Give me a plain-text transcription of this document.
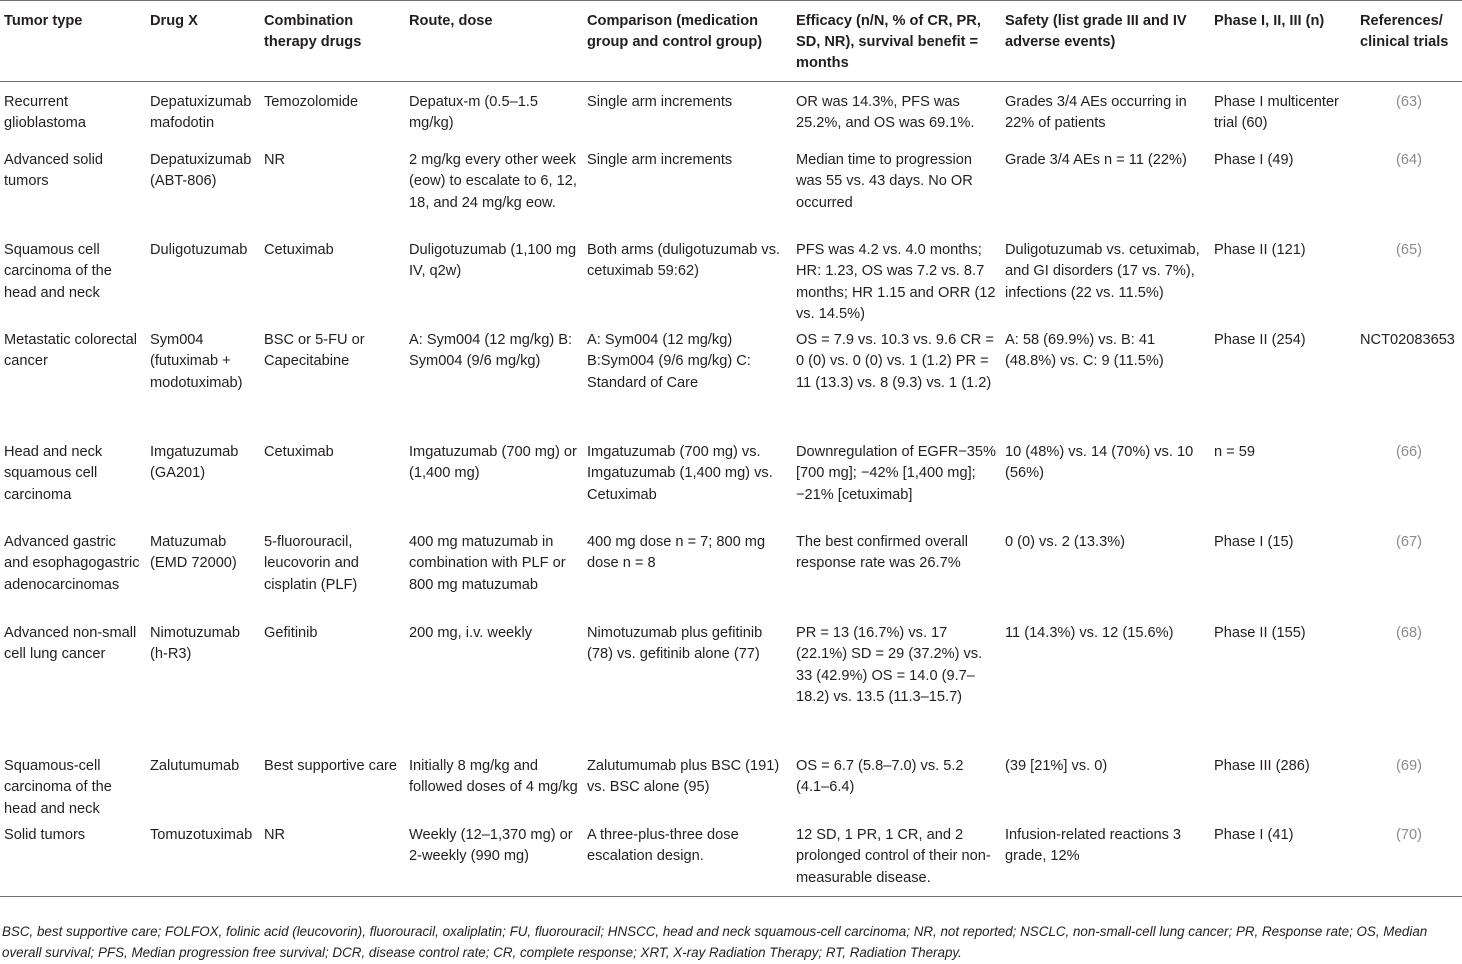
Tumor type	Drug X	Combination therapy drugs	Route, dose	Comparison (medication group and control group)	Efficacy (n/N, % of CR, PR, SD, NR), survival benefit = months	Safety (list grade III and IV adverse events)	Phase I, II, III (n)	References/ clinical trials
Recurrent glioblastoma	Depatuxizumab mafodotin	Temozolomide	Depatux-m (0.5–1.5 mg/kg)	Single arm increments	OR was 14.3%, PFS was 25.2%, and OS was 69.1%.	Grades 3/4 AEs occurring in 22% of patients	Phase I multicenter trial (60)	(63)
Advanced solid tumors	Depatuxizumab (ABT-806)	NR	2 mg/kg every other week (eow) to escalate to 6, 12, 18, and 24 mg/kg eow.	Single arm increments	Median time to progression was 55 vs. 43 days. No OR occurred	Grade 3/4 AEs n = 11 (22%)	Phase I (49)	(64)
Squamous cell carcinoma of the head and neck	Duligotuzumab	Cetuximab	Duligotuzumab (1,100 mg IV, q2w)	Both arms (duligotuzumab vs. cetuximab 59:62)	PFS was 4.2 vs. 4.0 months; HR: 1.23, OS was 7.2 vs. 8.7 months; HR 1.15 and ORR (12 vs. 14.5%)	Duligotuzumab vs. cetuximab, and GI disorders (17 vs. 7%), infections (22 vs. 11.5%)	Phase II (121)	(65)
Metastatic colorectal cancer	Sym004 (futuximab + modotuximab)	BSC or 5-FU or Capecitabine	A: Sym004 (12 mg/kg) B: Sym004 (9/6 mg/kg)	A: Sym004 (12 mg/kg) B:Sym004 (9/6 mg/kg) C: Standard of Care	OS = 7.9 vs. 10.3 vs. 9.6 CR = 0 (0) vs. 0 (0) vs. 1 (1.2) PR = 11 (13.3) vs. 8 (9.3) vs. 1 (1.2)	A: 58 (69.9%) vs. B: 41 (48.8%) vs. C: 9 (11.5%)	Phase II (254)	NCT02083653
Head and neck squamous cell carcinoma	Imgatuzumab (GA201)	Cetuximab	Imgatuzumab (700 mg) or (1,400 mg)	Imgatuzumab (700 mg) vs. Imgatuzumab (1,400 mg) vs. Cetuximab	Downregulation of EGFR−35% [700 mg]; −42% [1,400 mg]; −21% [cetuximab]	10 (48%) vs. 14 (70%) vs. 10 (56%)	n = 59	(66)
Advanced gastric and esophagogastric adenocarcinomas	Matuzumab (EMD 72000)	5-fluorouracil, leucovorin and cisplatin (PLF)	400 mg matuzumab in combination with PLF or 800 mg matuzumab	400 mg dose n = 7; 800 mg dose n = 8	The best confirmed overall response rate was 26.7%	0 (0) vs. 2 (13.3%)	Phase I (15)	(67)
Advanced non-small cell lung cancer	Nimotuzumab (h-R3)	Gefitinib	200 mg, i.v. weekly	Nimotuzumab plus gefitinib (78) vs. gefitinib alone (77)	PR = 13 (16.7%) vs. 17 (22.1%) SD = 29 (37.2%) vs. 33 (42.9%) OS = 14.0 (9.7–18.2) vs. 13.5 (11.3–15.7)	11 (14.3%) vs. 12 (15.6%)	Phase II (155)	(68)
Squamous-cell carcinoma of the head and neck	Zalutumumab	Best supportive care	Initially 8 mg/kg and followed doses of 4 mg/kg	Zalutumumab plus BSC (191) vs. BSC alone (95)	OS = 6.7 (5.8–7.0) vs. 5.2 (4.1–6.4)	(39 [21%] vs. 0)	Phase III (286)	(69)
Solid tumors	Tomuzotuximab	NR	Weekly (12–1,370 mg) or 2-weekly (990 mg)	A three-plus-three dose escalation design.	12 SD, 1 PR, 1 CR, and 2 prolonged control of their non-measurable disease.	Infusion-related reactions 3 grade, 12%	Phase I (41)	(70)
BSC, best supportive care; FOLFOX, folinic acid (leucovorin), fluorouracil, oxaliplatin; FU, fluorouracil; HNSCC, head and neck squamous-cell carcinoma; NR, not reported; NSCLC, non-small-cell lung cancer; PR, Response rate; OS, Median overall survival; PFS, Median progression free survival; DCR, disease control rate; CR, complete response; XRT, X-ray Radiation Therapy; RT, Radiation Therapy.
